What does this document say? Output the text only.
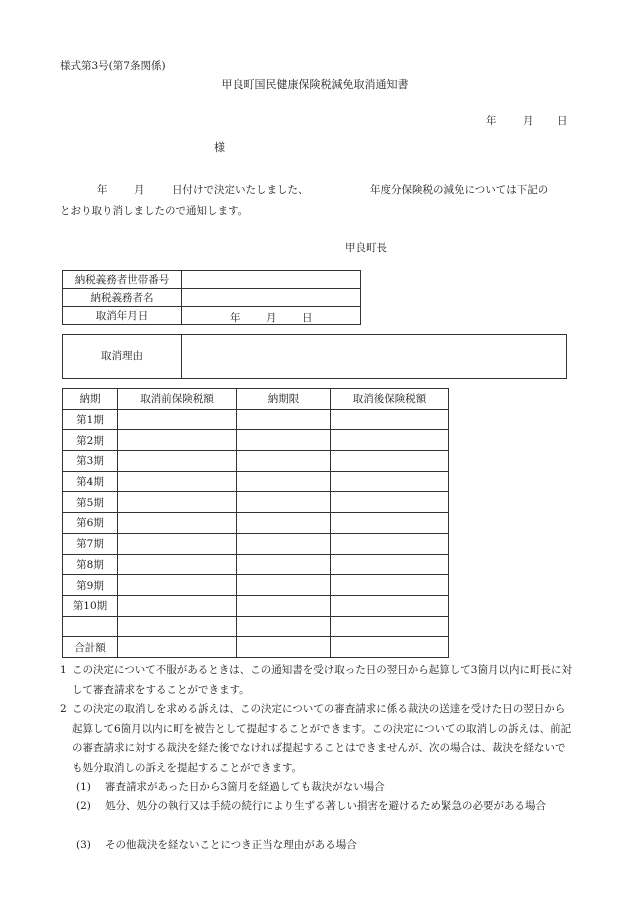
様式第3号(第7条関係)
甲良町国民健康保険税減免取消通知書
年	月 日
様
年	月	日付けで決定いたしました、	年度分保険税の減免については下記の
とおり取り消しましたので通知します。
甲良町長
納税義務者世帯番号	
納税義務者名	
取消年月日	年 月 日
取消理由
納期	取消前保険税額	納期限	取消後保険税額
第1期			
第2期			
第3期			
第4期			
第5期			
第6期			
第7期			
第8期			
第9期			
第10期			

合計額			
1 この決定について不服があるときは、この通知書を受け取った日の翌日から起算して3箇月以内に町長に対して審査請求をすることができます。
2 この決定の取消しを求める訴えは、この決定についての審査請求に係る裁決の送達を受けた日の翌日から起算して6箇月以内に町を被告として提起することができます。この決定についての取消しの訴えは、前記の審査請求に対する裁決を経た後でなければ提起することはできませんが、次の場合は、裁決を経ないでも処分取消しの訴えを提起することができます。
(1)	審査請求があった日から3箇月を経過しても裁決がない場合
(2)	処分、処分の執行又は手続の続行により生ずる著しい損害を避けるため緊急の必要がある場合
(3)	その他裁決を経ないことにつき正当な理由がある場合
